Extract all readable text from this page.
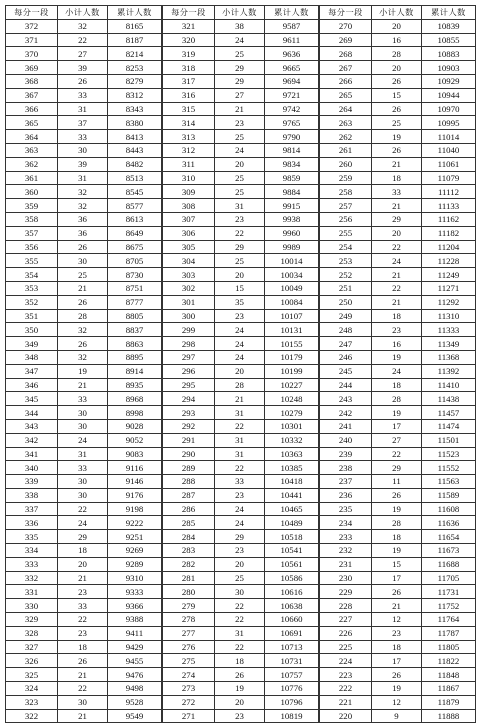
每分一段	小计人数	累计人数
372	32	8165
371	22	8187
370	27	8214
369	39	8253
368	26	8279
367	33	8312
366	31	8343
365	37	8380
364	33	8413
363	30	8443
362	39	8482
361	31	8513
360	32	8545
359	32	8577
358	36	8613
357	36	8649
356	26	8675
355	30	8705
354	25	8730
353	21	8751
352	26	8777
351	28	8805
350	32	8837
349	26	8863
348	32	8895
347	19	8914
346	21	8935
345	33	8968
344	30	8998
343	30	9028
342	24	9052
341	31	9083
340	33	9116
339	30	9146
338	30	9176
337	22	9198
336	24	9222
335	29	9251
334	18	9269
333	20	9289
332	21	9310
331	23	9333
330	33	9366
329	22	9388
328	23	9411
327	18	9429
326	26	9455
325	21	9476
324	22	9498
323	30	9528
322	21	9549
每分一段	小计人数	累计人数
321	38	9587
320	24	9611
319	25	9636
318	29	9665
317	29	9694
316	27	9721
315	21	9742
314	23	9765
313	25	9790
312	24	9814
311	20	9834
310	25	9859
309	25	9884
308	31	9915
307	23	9938
306	22	9960
305	29	9989
304	25	10014
303	20	10034
302	15	10049
301	35	10084
300	23	10107
299	24	10131
298	24	10155
297	24	10179
296	20	10199
295	28	10227
294	21	10248
293	31	10279
292	22	10301
291	31	10332
290	31	10363
289	22	10385
288	33	10418
287	23	10441
286	24	10465
285	24	10489
284	29	10518
283	23	10541
282	20	10561
281	25	10586
280	30	10616
279	22	10638
278	22	10660
277	31	10691
276	22	10713
275	18	10731
274	26	10757
273	19	10776
272	20	10796
271	23	10819
每分一段	小计人数	累计人数
270	20	10839
269	16	10855
268	28	10883
267	20	10903
266	26	10929
265	15	10944
264	26	10970
263	25	10995
262	19	11014
261	26	11040
260	21	11061
259	18	11079
258	33	11112
257	21	11133
256	29	11162
255	20	11182
254	22	11204
253	24	11228
252	21	11249
251	22	11271
250	21	11292
249	18	11310
248	23	11333
247	16	11349
246	19	11368
245	24	11392
244	18	11410
243	28	11438
242	19	11457
241	17	11474
240	27	11501
239	22	11523
238	29	11552
237	11	11563
236	26	11589
235	19	11608
234	28	11636
233	18	11654
232	19	11673
231	15	11688
230	17	11705
229	26	11731
228	21	11752
227	12	11764
226	23	11787
225	18	11805
224	17	11822
223	26	11848
222	19	11867
221	12	11879
220	9	11888
